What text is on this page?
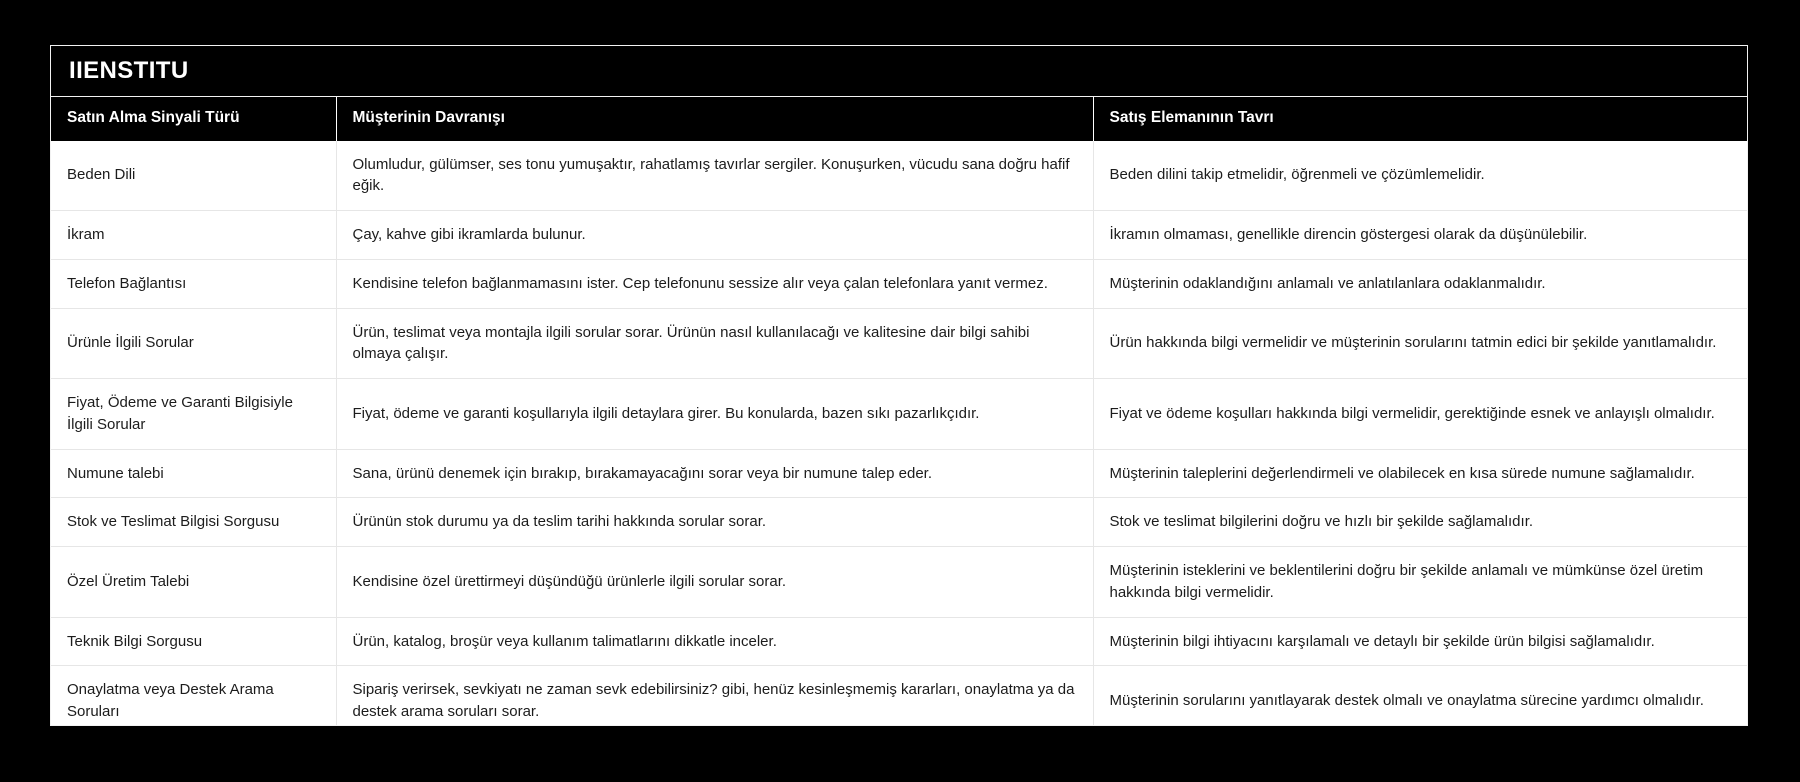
IIENSTITU
Satın Alma Sinyali Türü	Müşterinin Davranışı	Satış Elemanının Tavrı
Beden Dili	Olumludur, gülümser, ses tonu yumuşaktır, rahatlamış tavırlar sergiler. Konuşurken, vücudu sana doğru hafif eğik.	Beden dilini takip etmelidir, öğrenmeli ve çözümlemelidir.
İkram	Çay, kahve gibi ikramlarda bulunur.	İkramın olmaması, genellikle direncin göstergesi olarak da düşünülebilir.
Telefon Bağlantısı	Kendisine telefon bağlanmamasını ister. Cep telefonunu sessize alır veya çalan telefonlara yanıt vermez.	Müşterinin odaklandığını anlamalı ve anlatılanlara odaklanmalıdır.
Ürünle İlgili Sorular	Ürün, teslimat veya montajla ilgili sorular sorar. Ürünün nasıl kullanılacağı ve kalitesine dair bilgi sahibi olmaya çalışır.	Ürün hakkında bilgi vermelidir ve müşterinin sorularını tatmin edici bir şekilde yanıtlamalıdır.
Fiyat, Ödeme ve Garanti Bilgisiyle İlgili Sorular	Fiyat, ödeme ve garanti koşullarıyla ilgili detaylara girer. Bu konularda, bazen sıkı pazarlıkçıdır.	Fiyat ve ödeme koşulları hakkında bilgi vermelidir, gerektiğinde esnek ve anlayışlı olmalıdır.
Numune talebi	Sana, ürünü denemek için bırakıp, bırakamayacağını sorar veya bir numune talep eder.	Müşterinin taleplerini değerlendirmeli ve olabilecek en kısa sürede numune sağlamalıdır.
Stok ve Teslimat Bilgisi Sorgusu	Ürünün stok durumu ya da teslim tarihi hakkında sorular sorar.	Stok ve teslimat bilgilerini doğru ve hızlı bir şekilde sağlamalıdır.
Özel Üretim Talebi	Kendisine özel ürettirmeyi düşündüğü ürünlerle ilgili sorular sorar.	Müşterinin isteklerini ve beklentilerini doğru bir şekilde anlamalı ve mümkünse özel üretim hakkında bilgi vermelidir.
Teknik Bilgi Sorgusu	Ürün, katalog, broşür veya kullanım talimatlarını dikkatle inceler.	Müşterinin bilgi ihtiyacını karşılamalı ve detaylı bir şekilde ürün bilgisi sağlamalıdır.
Onaylatma veya Destek Arama Soruları	Sipariş verirsek, sevkiyatı ne zaman sevk edebilirsiniz? gibi, henüz kesinleşmemiş kararları, onaylatma ya da destek arama soruları sorar.	Müşterinin sorularını yanıtlayarak destek olmalı ve onaylatma sürecine yardımcı olmalıdır.
